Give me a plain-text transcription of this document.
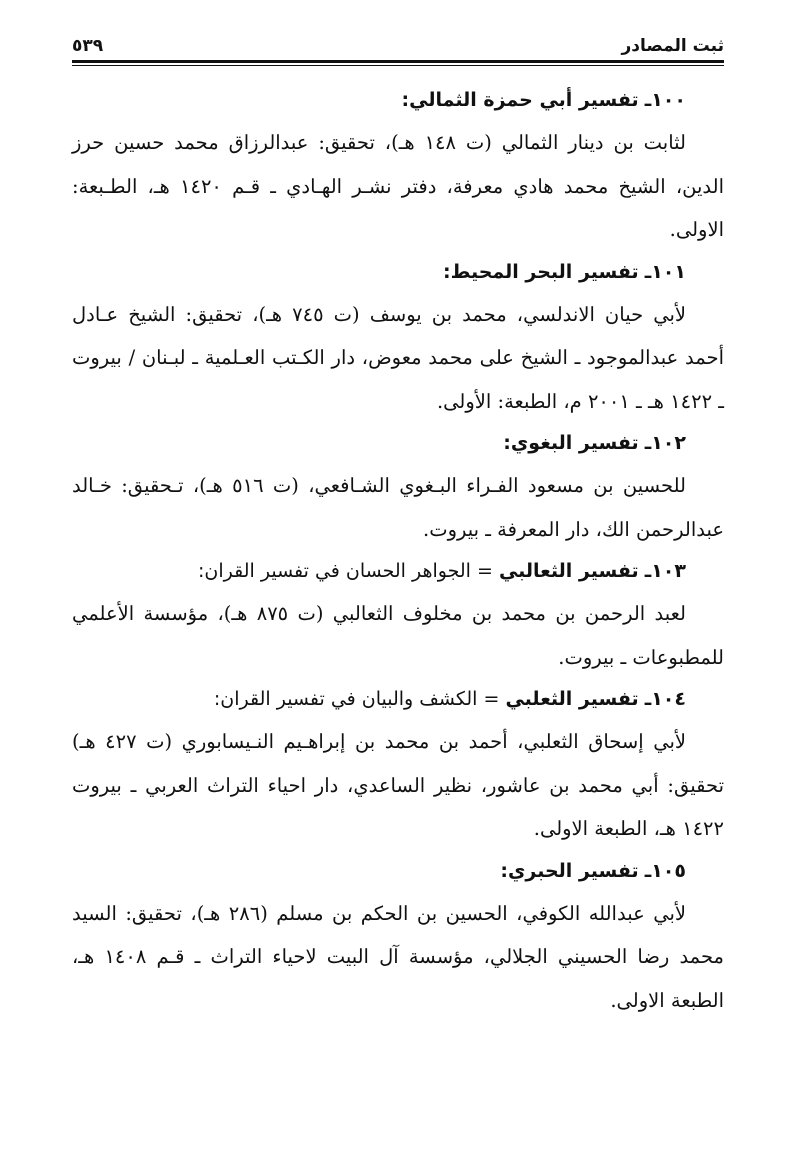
ثبت المصادر
٥٣٩

١٠٠ـ تفسير أبي حمزة الثمالي:

لثابت بن دينار الثمالي (ت ١٤٨ هـ)، تحقيق: عبدالرزاق محمد حسين حرز الدين، الشيخ محمد هادي معرفة، دفتر نشـر الهـادي ـ قـم ١٤٢٠ هـ، الطـبعة: الاولى.

١٠١ـ تفسير البحر المحيط:

لأبي حيان الاندلسي، محمد بن يوسف (ت ٧٤٥ هـ)، تحقيق: الشيخ عـادل أحمد عبدالموجود ـ الشيخ على محمد معوض، دار الكـتب العـلمية ـ لبـنان / بيروت ـ ١٤٢٢ هـ ـ ٢٠٠١ م، الطبعة: الأولى.

١٠٢ـ تفسير البغوي:

للحسين بن مسعود الفـراء البـغوي الشـافعي، (ت ٥١٦ هـ)، تـحقيق: خـالد عبدالرحمن الك، دار المعرفة ـ بيروت.

١٠٣ـ تفسير الثعالبي = الجواهر الحسان في تفسير القران:

لعبد الرحمن بن محمد بن مخلوف الثعالبي (ت ٨٧٥ هـ)، مؤسسة الأعلمي للمطبوعات ـ بيروت.

١٠٤ـ تفسير الثعلبي = الكشف والبيان في تفسير القران:

لأبي إسحاق الثعلبي، أحمد بن محمد بن إبراهـيم النـيسابوري (ت ٤٢٧ هـ) تحقيق: أبي محمد بن عاشور، نظير الساعدي، دار احياء التراث العربي ـ بيروت ١٤٢٢ هـ، الطبعة الاولى.

١٠٥ـ تفسير الحبري:

لأبي عبدالله الكوفي، الحسين بن الحكم بن مسلم (٢٨٦ هـ)، تحقيق: السيد محمد رضا الحسيني الجلالي، مؤسسة آل البيت لاحياء التراث ـ قـم ١٤٠٨ هـ، الطبعة الاولى.
